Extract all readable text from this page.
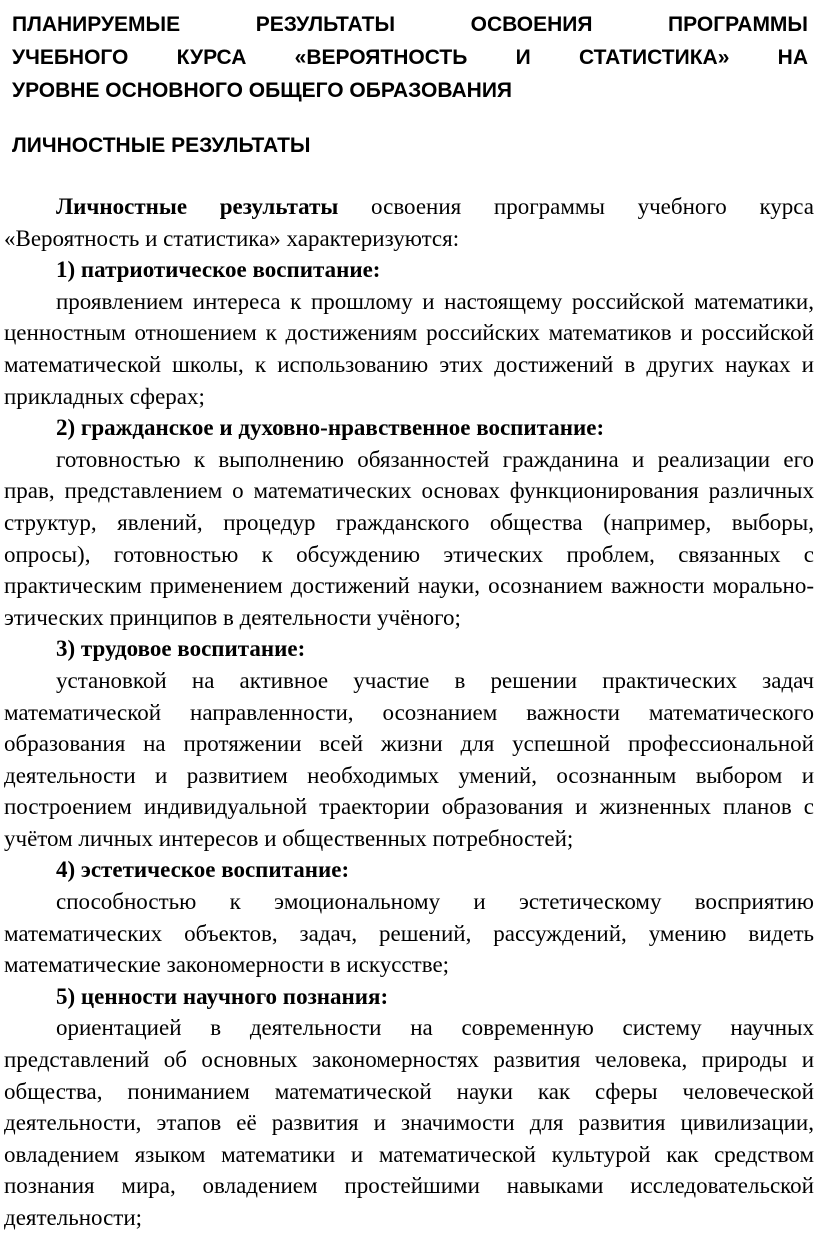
ПЛАНИРУЕМЫЕ РЕЗУЛЬТАТЫ ОСВОЕНИЯ ПРОГРАММЫ
УЧЕБНОГО КУРСА «ВЕРОЯТНОСТЬ И СТАТИСТИКА» НА
УРОВНЕ ОСНОВНОГО ОБЩЕГО ОБРАЗОВАНИЯ
ЛИЧНОСТНЫЕ РЕЗУЛЬТАТЫ

Личностные результаты освоения программы учебного курса «Вероятность и статистика» характеризуются:

1) патриотическое воспитание:

проявлением интереса к прошлому и настоящему российской математики, ценностным отношением к достижениям российских математиков и российской математической школы, к использованию этих достижений в других науках и прикладных сферах;

2) гражданское и духовно-нравственное воспитание:

готовностью к выполнению обязанностей гражданина и реализации его прав, представлением о математических основах функционирования различных структур, явлений, процедур гражданского общества (например, выборы, опросы), готовностью к обсуждению этических проблем, связанных с практическим применением достижений науки, осознанием важности морально-этических принципов в деятельности учёного;

3) трудовое воспитание:

установкой на активное участие в решении практических задач математической направленности, осознанием важности математического образования на протяжении всей жизни для успешной профессиональной деятельности и развитием необходимых умений, осознанным выбором и построением индивидуальной траектории образования и жизненных планов с учётом личных интересов и общественных потребностей;

4) эстетическое воспитание:

способностью к эмоциональному и эстетическому восприятию математических объектов, задач, решений, рассуждений, умению видеть математические закономерности в искусстве;

5) ценности научного познания:

ориентацией в деятельности на современную систему научных представлений об основных закономерностях развития человека, природы и общества, пониманием математической науки как сферы человеческой деятельности, этапов её развития и значимости для развития цивилизации, овладением языком математики и математической культурой как средством познания мира, овладением простейшими навыками исследовательской деятельности;
